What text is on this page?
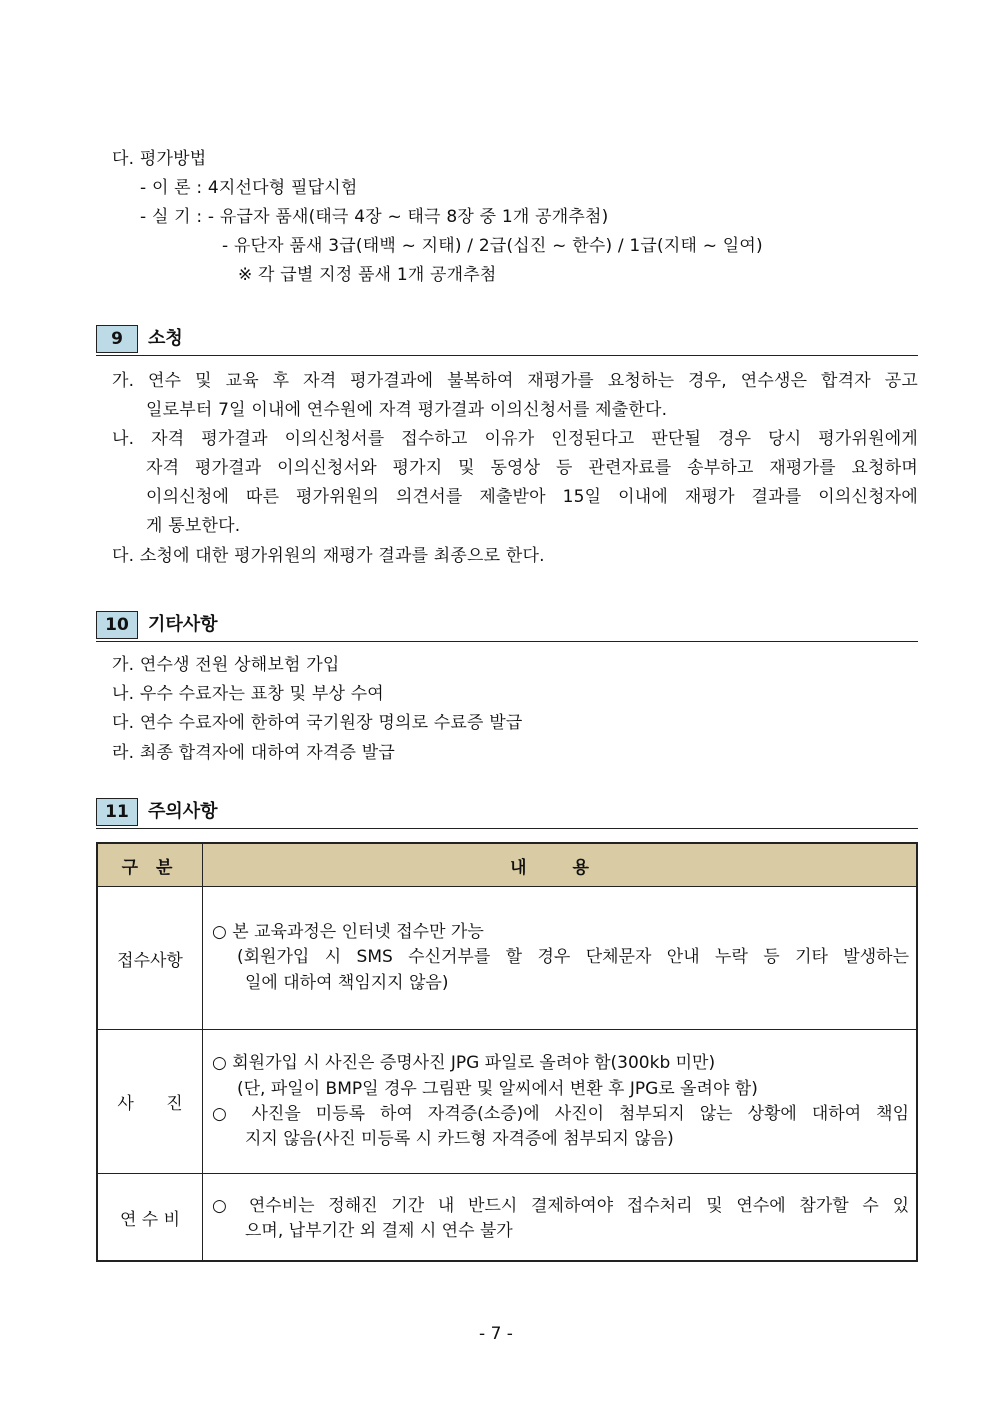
다. 평가방법
- 이 론 : 4지선다형 필답시험
- 실 기 : - 유급자 품새(태극 4장 ~ 태극 8장 중 1개 공개추첨)
- 유단자 품새 3급(태백 ~ 지태) / 2급(십진 ~ 한수) / 1급(지태 ~ 일여)
※ 각 급별 지정 품새 1개 공개추첨
9	소청
가. 연수 및 교육 후 자격 평가결과에 불복하여 재평가를 요청하는 경우, 연수생은 합격자 공고
일로부터 7일 이내에 연수원에 자격 평가결과 이의신청서를 제출한다.
나. 자격 평가결과 이의신청서를 접수하고 이유가 인정된다고 판단될 경우 당시 평가위원에게
자격 평가결과 이의신청서와 평가지 및 동영상 등 관련자료를 송부하고 재평가를 요청하며
이의신청에 따른 평가위원의 의견서를 제출받아 15일 이내에 재평가 결과를 이의신청자에
게 통보한다.
다. 소청에 대한 평가위원의 재평가 결과를 최종으로 한다.
10	기타사항
가. 연수생 전원 상해보험 가입
나. 우수 수료자는 표창 및 부상 수여
다. 연수 수료자에 한하여 국기원장 명의로 수료증 발급
라. 최종 합격자에 대하여 자격증 발급
11	주의사항
구 분	내 용
접수사항	○ 본 교육과정은 인터넷 접수만 가능
(회원가입 시 SMS 수신거부를 할 경우 단체문자 안내 누락 등 기타 발생하는
일에 대하여 책임지지 않음)

사      진	○ 회원가입 시 사진은 증명사진 JPG 파일로 올려야 함(300kb 미만)
(단, 파일이 BMP일 경우 그림판 및 알씨에서 변환 후 JPG로 올려야 함)
○ 사진을 미등록 하여 자격증(소증)에 사진이 첨부되지 않는 상황에 대하여 책임
지지 않음(사진 미등록 시 카드형 자격증에 첨부되지 않음)

연 수 비	○ 연수비는 정해진 기간 내 반드시 결제하여야 접수처리 및 연수에 참가할 수 있
으며, 납부기간 외 결제 시 연수 불가
- 7 -
